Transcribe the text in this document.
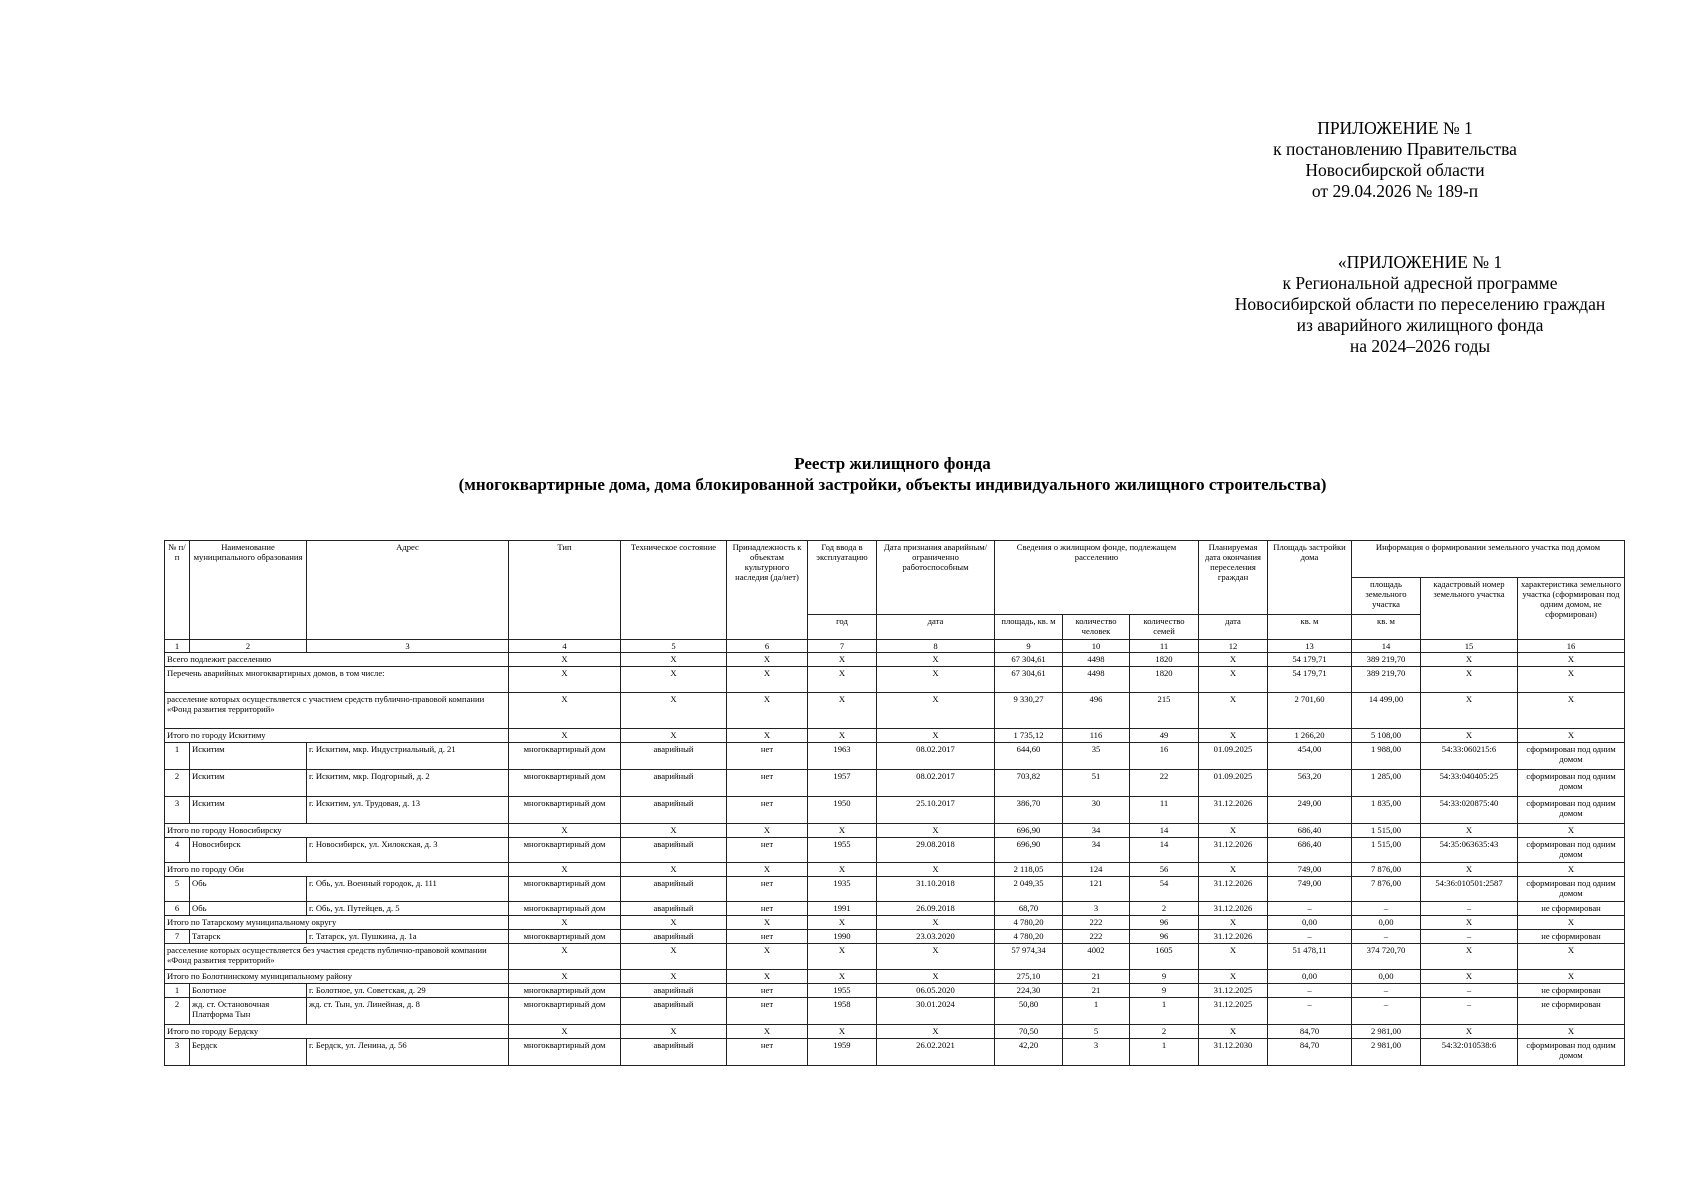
ПРИЛОЖЕНИЕ № 1
к постановлению Правительства
Новосибирской области
от 29.04.2026 № 189-п
«ПРИЛОЖЕНИЕ № 1
к Региональной адресной программе
Новосибирской области по переселению граждан
из аварийного жилищного фонда
на 2024–2026 годы
Реестр жилищного фонда
(многоквартирные дома, дома блокированной застройки, объекты индивидуального жилищного строительства)
№ п/п	Наименование муниципального образования	Адрес	Тип	Техническое состояние	Принадлежность к объектам культурного наследия (да/нет)	Год ввода в эксплуатацию	Дата признания аварийным/ограниченно работоспособным	Сведения о жилищном фонде, подлежащем расселению			Планируемая дата окончания переселения граждан	Площадь застройки дома	Информация о формировании земельного участка под домом		
													площадь земельного участка	кадастровый номер земельного участка	характеристика земельного участка (сформирован под одним домом, не сформирован)
						год	дата	площадь, кв. м	количество человек	количество семей	дата	кв. м	кв. м		
1	2	3	4	5	6	7	8	9	10	11	12	13	14	15	16
Всего подлежит расселению			X	X	X	X	X	67 304,61	4498	1820	X	54 179,71	389 219,70	X	X
Перечень аварийных многоквартирных домов, в том числе:			X	X	X	X	X	67 304,61	4498	1820	X	54 179,71	389 219,70	X	X
расселение которых осуществляется с участием средств публично-правовой компании «Фонд развития территорий»			X	X	X	X	X	9 330,27	496	215	X	2 701,60	14 499,00	X	X
Итого по городу Искитиму			X	X	X	X	X	1 735,12	116	49	X	1 266,20	5 108,00	X	X
1	Искитим	г. Искитим, мкр. Индустриальный, д. 21	многоквартирный дом	аварийный	нет	1963	08.02.2017	644,60	35	16	01.09.2025	454,00	1 988,00	54:33:060215:6	сформирован под одним домом
2	Искитим	г. Искитим, мкр. Подгорный, д. 2	многоквартирный дом	аварийный	нет	1957	08.02.2017	703,82	51	22	01.09.2025	563,20	1 285,00	54:33:040405:25	сформирован под одним домом
3	Искитим	г. Искитим, ул. Трудовая, д. 13	многоквартирный дом	аварийный	нет	1950	25.10.2017	386,70	30	11	31.12.2026	249,00	1 835,00	54:33:020875:40	сформирован под одним домом
Итого по городу Новосибирску			X	X	X	X	X	696,90	34	14	X	686,40	1 515,00	X	X
4	Новосибирск	г. Новосибирск, ул. Хилокская, д. 3	многоквартирный дом	аварийный	нет	1955	29.08.2018	696,90	34	14	31.12.2026	686,40	1 515,00	54:35:063635:43	сформирован под одним домом
Итого по городу Оби			X	X	X	X	X	2 118,05	124	56	X	749,00	7 876,00	X	X
5	Обь	г. Обь, ул. Военный городок, д. 111	многоквартирный дом	аварийный	нет	1935	31.10.2018	2 049,35	121	54	31.12.2026	749,00	7 876,00	54:36:010501:2587	сформирован под одним домом
6	Обь	г. Обь, ул. Путейцев, д. 5	многоквартирный дом	аварийный	нет	1991	26.09.2018	68,70	3	2	31.12.2026	–	–	–	не сформирован
Итого по Татарскому муниципальному округу			X	X	X	X	X	4 780,20	222	96	X	0,00	0,00	X	X
7	Татарск	г. Татарск, ул. Пушкина, д. 1а	многоквартирный дом	аварийный	нет	1990	23.03.2020	4 780,20	222	96	31.12.2026	–	–	–	не сформирован
расселение которых осуществляется без участия средств публично-правовой компании «Фонд развития территорий»			X	X	X	X	X	57 974,34	4002	1605	X	51 478,11	374 720,70	X	X
Итого по Болотнинскому муниципальному району			X	X	X	X	X	275,10	21	9	X	0,00	0,00	X	X
1	Болотное	г. Болотное, ул. Советская, д. 29	многоквартирный дом	аварийный	нет	1955	06.05.2020	224,30	21	9	31.12.2025	–	–	–	не сформирован
2	жд. ст. Остановочная Платформа Тын	жд. ст. Тын, ул. Линейная, д. 8	многоквартирный дом	аварийный	нет	1958	30.01.2024	50,80	1	1	31.12.2025	–	–	–	не сформирован
Итого по городу Бердску			X	X	X	X	X	70,50	5	2	X	84,70	2 981,00	X	X
3	Бердск	г. Бердск, ул. Ленина, д. 56	многоквартирный дом	аварийный	нет	1959	26.02.2021	42,20	3	1	31.12.2030	84,70	2 981,00	54:32:010538:6	сформирован под одним домом
